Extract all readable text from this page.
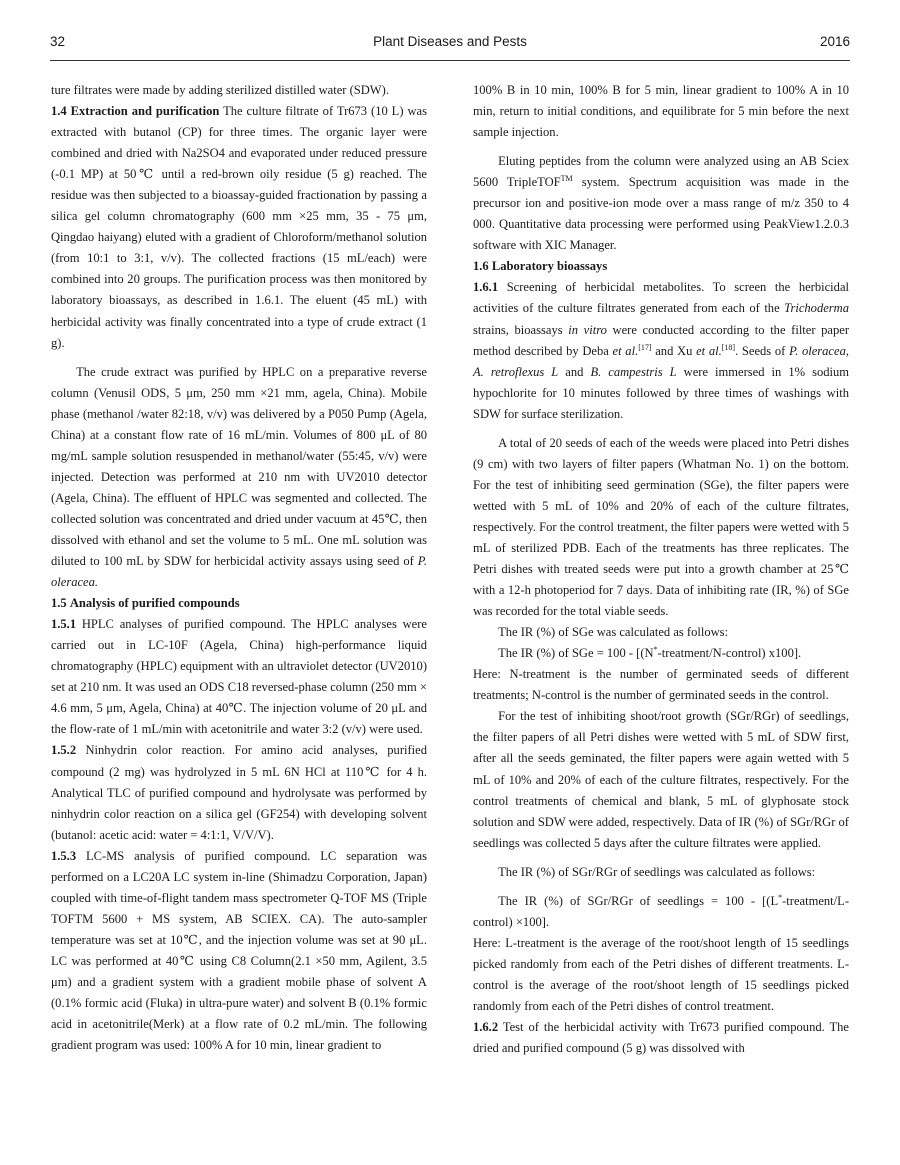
32	Plant Diseases and Pests	2016

ture filtrates were made by adding sterilized distilled water (SDW).

1.4 Extraction and purification The culture filtrate of Tr673 (10 L) was extracted with butanol (CP) for three times. The organic layer were combined and dried with Na2SO4 and evaporated under reduced pressure (-0.1 MP) at 50℃ until a red-brown oily residue (5 g) reached. The residue was then subjected to a bioassay-guided fractionation by passing a silica gel column chromatography (600 mm ×25 mm, 35 - 75 μm, Qingdao haiyang) eluted with a gradient of Chloroform/methanol solution (from 10:1 to 3:1, v/v). The collected fractions (15 mL/each) were combined into 20 groups. The purification process was then monitored by laboratory bioassays, as described in 1.6.1. The eluent (45 mL) with herbicidal activity was finally concentrated into a type of crude extract (1 g).

The crude extract was purified by HPLC on a preparative reverse column (Venusil ODS, 5 μm, 250 mm ×21 mm, agela, China). Mobile phase (methanol /water 82:18, v/v) was delivered by a P050 Pump (Agela, China) at a constant flow rate of 16 mL/min. Volumes of 800 μL of 80 mg/mL sample solution resuspended in methanol/water (55:45, v/v) were injected. Detection was performed at 210 nm with UV2010 detector (Agela, China). The effluent of HPLC was segmented and collected. The collected solution was concentrated and dried under vacuum at 45℃, then dissolved with ethanol and set the volume to 5 mL. One mL solution was diluted to 100 mL by SDW for herbicidal activity assays using seed of P. oleracea.

1.5 Analysis of purified compounds

1.5.1 HPLC analyses of purified compound. The HPLC analyses were carried out in LC-10F (Agela, China) high-performance liquid chromatography (HPLC) equipment with an ultraviolet detector (UV2010) set at 210 nm. It was used an ODS C18 reversed-phase column (250 mm × 4.6 mm, 5 μm, Agela, China) at 40℃. The injection volume of 20 μL and the flow-rate of 1 mL/min with acetonitrile and water 3:2 (v/v) were used.

1.5.2 Ninhydrin color reaction. For amino acid analyses, purified compound (2 mg) was hydrolyzed in 5 mL 6N HCl at 110℃ for 4 h. Analytical TLC of purified compound and hydrolysate was performed by ninhydrin color reaction on a silica gel (GF254) with developing solvent (butanol: acetic acid: water = 4:1:1, V/V/V).

1.5.3 LC-MS analysis of purified compound. LC separation was performed on a LC20A LC system in-line (Shimadzu Corporation, Japan) coupled with time-of-flight tandem mass spectrometer Q-TOF MS (Triple TOFTM 5600 + MS system, AB SCIEX. CA). The auto-sampler temperature was set at 10℃, and the injection volume was set at 90 μL. LC was performed at 40℃ using C8 Column(2.1 ×50 mm, Agilent, 3.5 μm) and a gradient system with a gradient mobile phase of solvent A (0.1% formic acid (Fluka) in ultra-pure water) and solvent B (0.1% formic acid in acetonitrile(Merk) at a flow rate of 0.2 mL/min. The following gradient program was used: 100% A for 10 min, linear gradient to

100% B in 10 min, 100% B for 5 min, linear gradient to 100% A in 10 min, return to initial conditions, and equilibrate for 5 min before the next sample injection.

Eluting peptides from the column were analyzed using an AB Sciex 5600 TripleTOF™ system. Spectrum acquisition was made in the precursor ion and positive-ion mode over a mass range of m/z 350 to 4 000. Quantitative data processing were performed using PeakView1.2.0.3 software with XIC Manager.

1.6 Laboratory bioassays

1.6.1 Screening of herbicidal metabolites. To screen the herbicidal activities of the culture filtrates generated from each of the Trichoderma strains, bioassays in vitro were conducted according to the filter paper method described by Deba et al.[17] and Xu et al.[18]. Seeds of P. oleracea, A. retroflexus L and B. campestris L were immersed in 1% sodium hypochlorite for 10 minutes followed by three times of washings with SDW for surface sterilization.

A total of 20 seeds of each of the weeds were placed into Petri dishes (9 cm) with two layers of filter papers (Whatman No. 1) on the bottom. For the test of inhibiting seed germination (SGe), the filter papers were wetted with 5 mL of 10% and 20% of each of the culture filtrates, respectively. For the control treatment, the filter papers were wetted with 5 mL of sterilized PDB. Each of the treatments has three replicates. The Petri dishes with treated seeds were put into a growth chamber at 25℃ with a 12-h photoperiod for 7 days. Data of inhibiting rate (IR, %) of SGe was recorded for the total viable seeds.

The IR (%) of SGe was calculated as follows:

The IR (%) of SGe = 100 - [(N*-treatment/N-control) x100].

Here: N-treatment is the number of germinated seeds of different treatments; N-control is the number of germinated seeds in the control.

For the test of inhibiting shoot/root growth (SGr/RGr) of seedlings, the filter papers of all Petri dishes were wetted with 5 mL of SDW first, after all the seeds geminated, the filter papers were again wetted with 5 mL of 10% and 20% of each of the culture filtrates, respectively. For the control treatments of chemical and blank, 5 mL of glyphosate stock solution and SDW were added, respectively. Data of IR (%) of SGr/RGr of seedlings was collected 5 days after the culture filtrates were applied.

The IR (%) of SGr/RGr of seedlings was calculated as follows:

The IR (%) of SGr/RGr of seedlings = 100 - [(L*-treatment/L-control) ×100].

Here: L-treatment is the average of the root/shoot length of 15 seedlings picked randomly from each of the Petri dishes of different treatments. L-control is the average of the root/shoot length of 15 seedlings picked randomly from each of the Petri dishes of control treatment.

1.6.2 Test of the herbicidal activity with Tr673 purified compound. The dried and purified compound (5 g) was dissolved with
